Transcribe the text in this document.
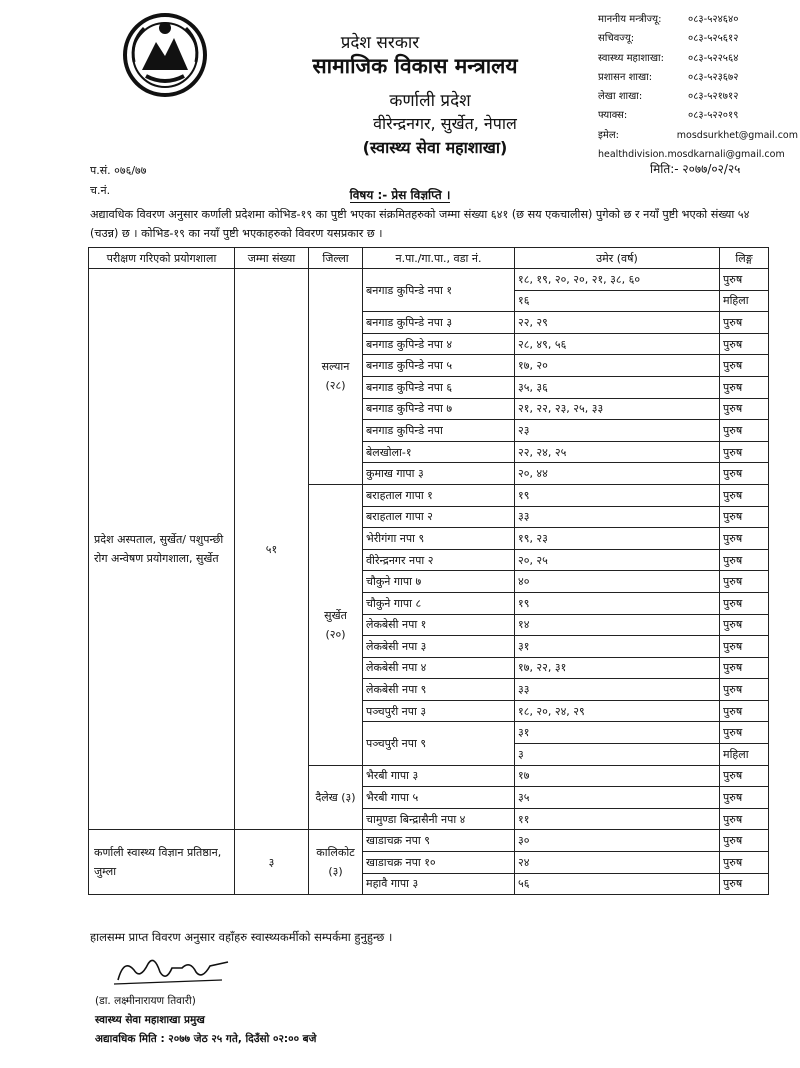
प्रदेश सरकार
सामाजिक विकास मन्त्रालय
कर्णाली प्रदेश
वीरेन्द्रनगर, सुर्खेत, नेपाल
(स्वास्थ्य सेवा महाशाखा)
माननीय मन्त्रीज्यू:	०८३-५२४६४०
सचिवज्यू:	०८३-५२५६१२
स्वास्थ्य महाशाखा:	०८३-५२२५६४
प्रशासन शाखा:	०८३-५२३६७२
लेखा शाखा:	०८३-५२१७१२
फ्याक्स:	०८३-५२२०१९
इमेल:	mosdsurkhet@gmail.com
healthdivision.mosdkarnali@gmail.com
प.सं. ०७६/७७	मिति:- २०७७/०२/२५
च.नं.	विषय :- प्रेस विज्ञप्ति ।
अद्यावधिक विवरण अनुसार कर्णाली प्रदेशमा कोभिड-१९ का पुष्टी भएका संक्रमितहरुको जम्मा संख्या ६४१ (छ सय एकचालीस) पुगेको छ र नयाँ पुष्टी भएको संख्या ५४ (चउन्न) छ । कोभिड-१९ का नयाँ पुष्टी भएकाहरुको विवरण यसप्रकार छ ।
परीक्षण गरिएको प्रयोगशाला	जम्मा संख्या	जिल्ला	न.पा./गा.पा., वडा नं.	उमेर (वर्ष)	लिङ्ग
प्रदेश अस्पताल, सुर्खेत/ पशुपन्छी रोग अन्वेषण प्रयोगशाला, सुर्खेत	५१	सल्यान (२८)	बनगाड कुपिन्डे नपा १	१८, १९, २०, २०, २१, ३८, ६०	पुरुष
				१६	महिला
			बनगाड कुपिन्डे नपा ३	२२, २९	पुरुष
			बनगाड कुपिन्डे नपा ४	२८, ४९, ५६	पुरुष
			बनगाड कुपिन्डे नपा ५	१७, २०	पुरुष
			बनगाड कुपिन्डे नपा ६	३५, ३६	पुरुष
			बनगाड कुपिन्डे नपा ७	२१, २२, २३, २५, ३३	पुरुष
			बनगाड कुपिन्डे नपा	२३	पुरुष
			बेलखोला-१	२२, २४, २५	पुरुष
			कुमाख गापा ३	२०, ४४	पुरुष
		सुर्खेत (२०)	बराहताल गापा १	१९	पुरुष
			बराहताल गापा २	३३	पुरुष
			भेरीगंगा नपा ९	१९, २३	पुरुष
			वीरेन्द्रनगर नपा २	२०, २५	पुरुष
			चौकुने गापा ७	४०	पुरुष
			चौकुने गापा ८	१९	पुरुष
			लेकबेसी नपा १	१४	पुरुष
			लेकबेसी नपा ३	३१	पुरुष
			लेकबेसी नपा ४	१७, २२, ३१	पुरुष
			लेकबेसी नपा ९	३३	पुरुष
			पञ्चपुरी नपा ३	१८, २०, २४, २९	पुरुष
			पञ्चपुरी नपा ९	३१	पुरुष
				३	महिला
		दैलेख (३)	भैरबी गापा ३	१७	पुरुष
			भैरबी गापा ५	३५	पुरुष
			चामुण्डा बिन्द्रासैनी नपा ४	११	पुरुष
कर्णाली स्वास्थ्य विज्ञान प्रतिष्ठान, जुम्ला	३	कालिकोट (३)	खाडाचक्र नपा ९	३०	पुरुष
			खाडाचक्र नपा १०	२४	पुरुष
			महावै गापा ३	५६	पुरुष
हालसम्म प्राप्त विवरण अनुसार वहाँहरु स्वास्थ्यकर्मीको सम्पर्कमा हुनुहुन्छ ।
(डा. लक्ष्मीनारायण तिवारी)
स्वास्थ्य सेवा महाशाखा प्रमुख
अद्यावधिक मिति : २०७७ जेठ २५ गते, दिउँसो ०२:०० बजे
